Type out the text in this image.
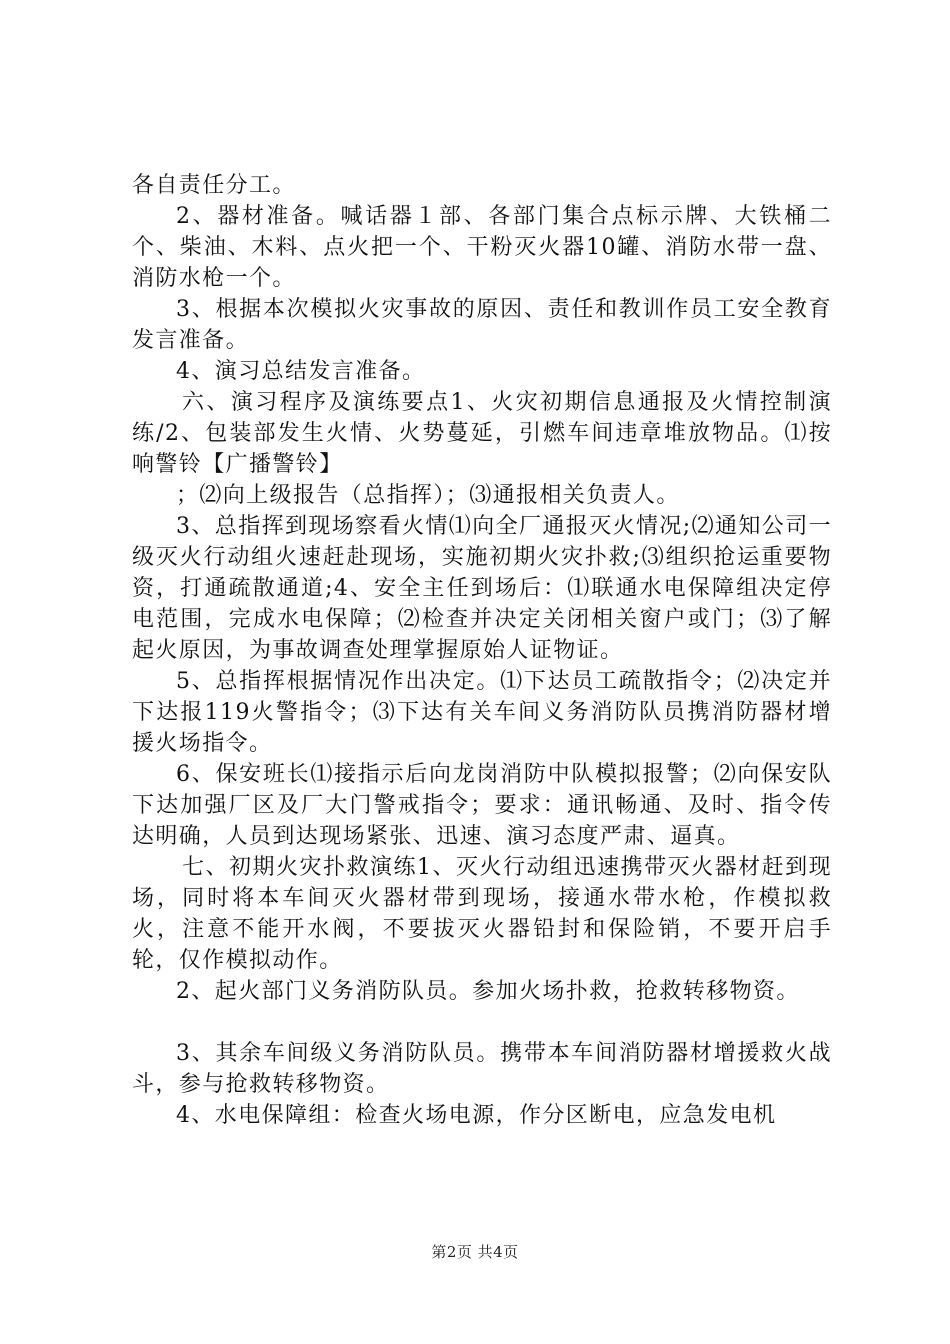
各自责任分工。

2、器材准备。喊话器１部、各部门集合点标示牌、大铁桶二个、柴油、木料、点火把一个、干粉灭火器10罐、消防水带一盘、消防水枪一个。

3、根据本次模拟火灾事故的原因、责任和教训作员工安全教育发言准备。

4、演习总结发言准备。

六、演习程序及演练要点1、火灾初期信息通报及火情控制演练/2、包装部发生火情、火势蔓延，引燃车间违章堆放物品。⑴按响警铃【广播警铃】

；⑵向上级报告（总指挥）；⑶通报相关负责人。

3、总指挥到现场察看火情⑴向全厂通报灭火情况;⑵通知公司一级灭火行动组火速赶赴现场，实施初期火灾扑救;⑶组织抢运重要物资，打通疏散通道;4、安全主任到场后：⑴联通水电保障组决定停电范围，完成水电保障；⑵检查并决定关闭相关窗户或门；⑶了解起火原因，为事故调查处理掌握原始人证物证。

5、总指挥根据情况作出决定。⑴下达员工疏散指令；⑵决定并下达报119火警指令；⑶下达有关车间义务消防队员携消防器材增援火场指令。

6、保安班长⑴接指示后向龙岗消防中队模拟报警；⑵向保安队下达加强厂区及厂大门警戒指令；要求：通讯畅通、及时、指令传达明确，人员到达现场紧张、迅速、演习态度严肃、逼真。

七、初期火灾扑救演练1、灭火行动组迅速携带灭火器材赶到现场，同时将本车间灭火器材带到现场，接通水带水枪，作模拟救火，注意不能开水阀，不要拔灭火器铅封和保险销，不要开启手轮，仅作模拟动作。

2、起火部门义务消防队员。参加火场扑救，抢救转移物资。

3、其余车间级义务消防队员。携带本车间消防器材增援救火战斗，参与抢救转移物资。

4、水电保障组：检查火场电源，作分区断电，应急发电机

第2页 共4页
